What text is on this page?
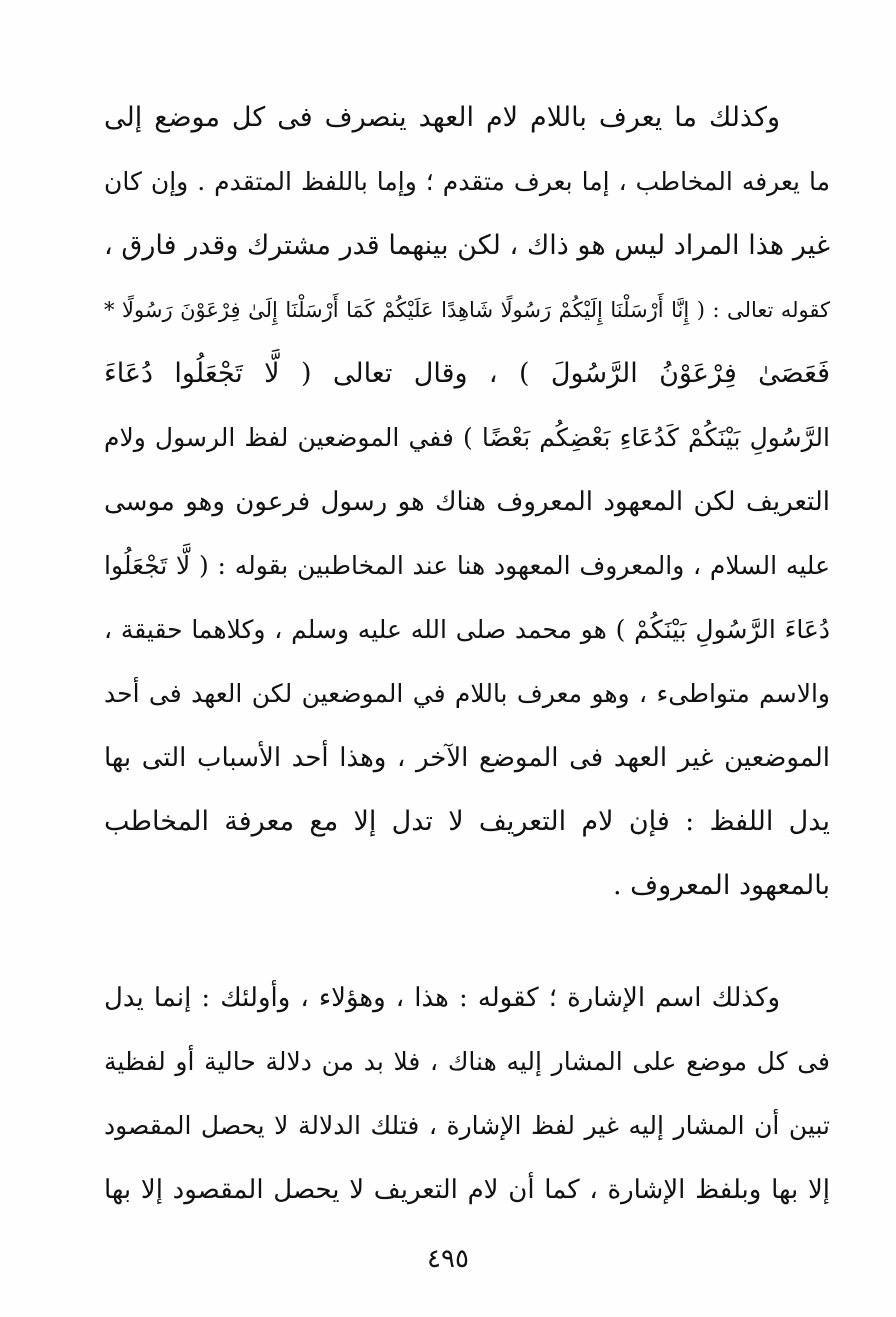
وكذلك ما يعرف باللام لام العهد ينصرف فى كل موضع إلى
ما يعرفه المخاطب ، إما بعرف متقدم ؛ وإما باللفظ المتقدم . وإن كان
غير هذا المراد ليس هو ذاك ، لكن بينهما قدر مشترك وقدر فارق ،
كقوله تعالى : ( إِنَّا أَرْسَلْنَا إِلَيْكُمْ رَسُولًا شَاهِدًا عَلَيْكُمْ كَمَا أَرْسَلْنَا إِلَىٰ فِرْعَوْنَ رَسُولًا *
فَعَصَىٰ فِرْعَوْنُ الرَّسُولَ ) ، وقال تعالى ( لَّا تَجْعَلُوا دُعَاءَ
الرَّسُولِ بَيْنَكُمْ كَدُعَاءِ بَعْضِكُم بَعْضًا ) ففي الموضعين لفظ الرسول ولام
التعريف لكن المعهود المعروف هناك هو رسول فرعون وهو موسى
عليه السلام ، والمعروف المعهود هنا عند المخاطبين بقوله : ( لَّا تَجْعَلُوا
دُعَاءَ الرَّسُولِ بَيْنَكُمْ ) هو محمد صلى الله عليه وسلم ، وكلاهما حقيقة ،
والاسم متواطىء ، وهو معرف باللام في الموضعين لكن العهد فى أحد
الموضعين غير العهد فى الموضع الآخر ، وهذا أحد الأسباب التى بها
يدل اللفظ : فإن لام التعريف لا تدل إلا مع معرفة المخاطب
بالمعهود المعروف .
وكذلك اسم الإشارة ؛ كقوله : هذا ، وهؤلاء ، وأولئك : إنما يدل
فى كل موضع على المشار إليه هناك ، فلا بد من دلالة حالية أو لفظية
تبين أن المشار إليه غير لفظ الإشارة ، فتلك الدلالة لا يحصل المقصود
إلا بها وبلفظ الإشارة ، كما أن لام التعريف لا يحصل المقصود إلا بها
٤٩٥
